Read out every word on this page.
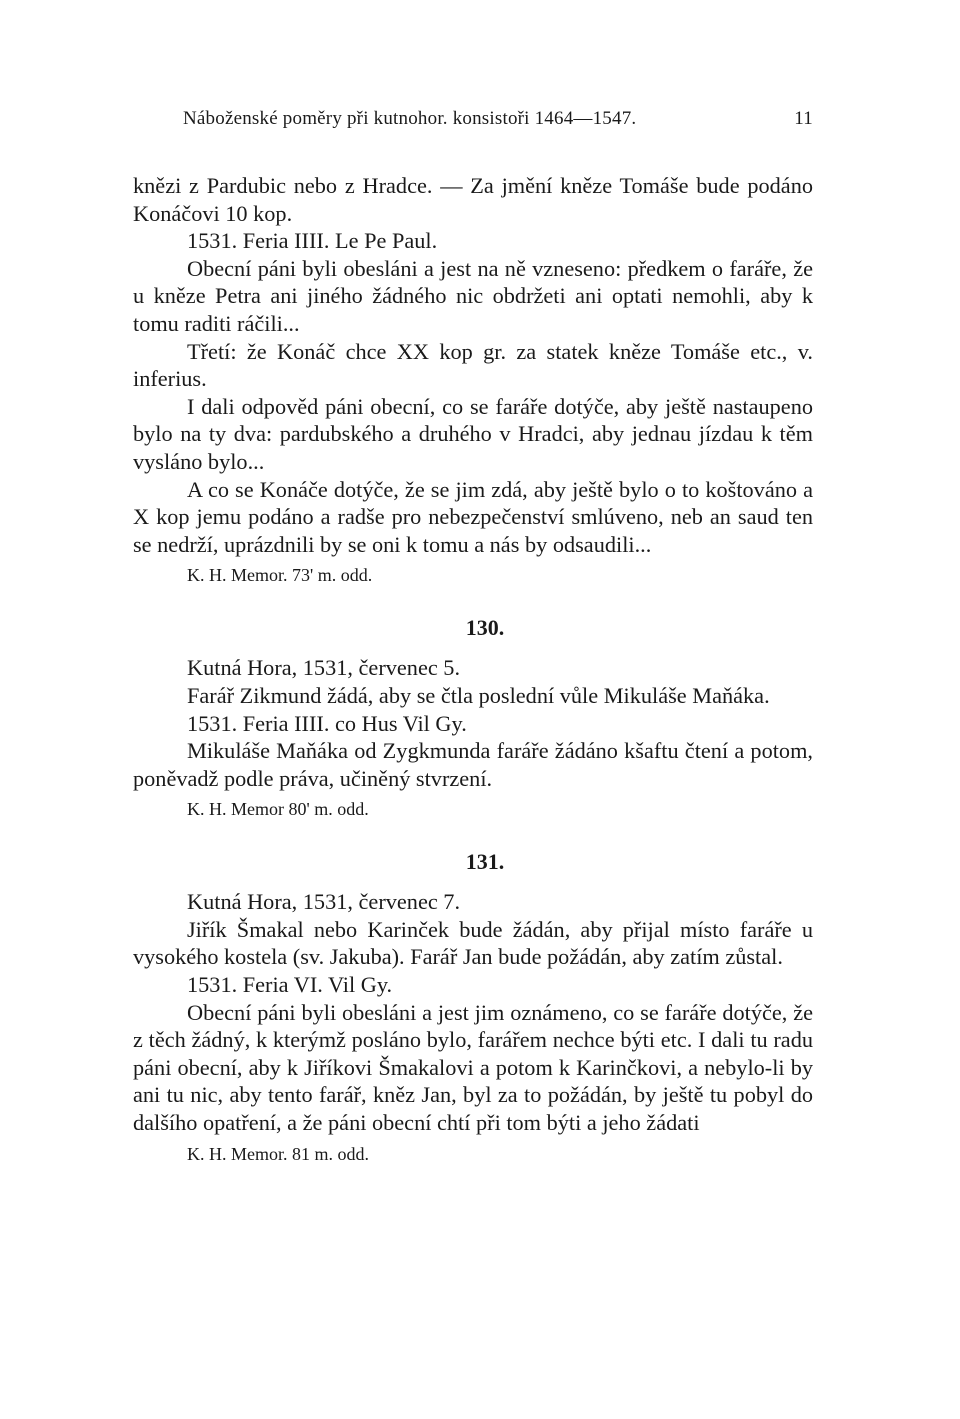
Náboženské poměry při kutnohor. konsistoři 1464—1547.	11

knězi z Pardubic nebo z Hradce. — Za jmění kněze Tomáše bude podáno Konáčovi 10 kop.

1531. Feria IIII. Le Pe Paul.

Obecní páni byli obesláni a jest na ně vzneseno: předkem o faráře, že u kněze Petra ani jiného žádného nic obdržeti ani optati nemohli, aby k tomu raditi ráčili...

Třetí: že Konáč chce XX kop gr. za statek kněze Tomáše etc., v. inferius.

I dali odpověd páni obecní, co se faráře dotýče, aby ještě nastaupeno bylo na ty dva: pardubského a druhého v Hradci, aby jednau jízdau k těm vysláno bylo...

A co se Konáče dotýče, že se jim zdá, aby ještě bylo o to koštováno a X kop jemu podáno a radše pro nebezpečenství smlúveno, neb an saud ten se nedrží, uprázdnili by se oni k tomu a nás by odsaudili...

K. H. Memor. 73' m. odd.
130.

Kutná Hora, 1531, červenec 5.

Farář Zikmund žádá, aby se čtla poslední vůle Mikuláše Maňáka.

1531. Feria IIII. co Hus Vil Gy.

Mikuláše Maňáka od Zygkmunda faráře žádáno kšaftu čtení a potom, poněvadž podle práva, učiněný stvrzení.

K. H. Memor 80' m. odd.
131.

Kutná Hora, 1531, červenec 7.

Jiřík Šmakal nebo Karinček bude žádán, aby přijal místo faráře u vysokého kostela (sv. Jakuba). Farář Jan bude požádán, aby zatím zůstal.

1531. Feria VI. Vil Gy.

Obecní páni byli obesláni a jest jim oznámeno, co se faráře dotýče, že z těch žádný, k kterýmž posláno bylo, farářem nechce býti etc. I dali tu radu páni obecní, aby k Jiříkovi Šmakalovi a potom k Karinčkovi, a nebylo-li by ani tu nic, aby tento farář, kněz Jan, byl za to požádán, by ještě tu pobyl do dalšího opatření, a že páni obecní chtí při tom býti a jeho žádati

K. H. Memor. 81 m. odd.
